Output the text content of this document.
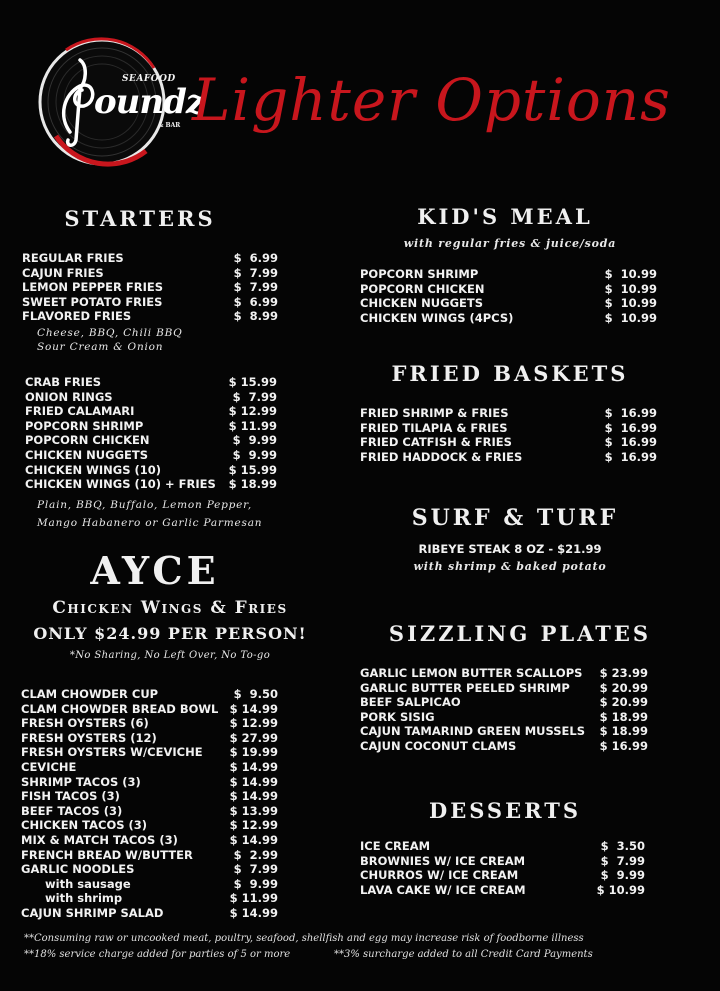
SEAFOOD
oundz
& BAR Lighter Options
STARTERS
REGULAR FRIES	$  6.99
CAJUN FRIES	$  7.99
LEMON PEPPER FRIES	$  7.99
SWEET POTATO FRIES	$  6.99
FLAVORED FRIES	$  8.99
Cheese, BBQ, Chili BBQ
Sour Cream & Onion
CRAB FRIES	$ 15.99
ONION RINGS	$  7.99
FRIED CALAMARI	$ 12.99
POPCORN SHRIMP	$ 11.99
POPCORN CHICKEN	$  9.99
CHICKEN NUGGETS	$  9.99
CHICKEN WINGS (10)	$ 15.99
CHICKEN WINGS (10) + FRIES $ 18.99
Plain, BBQ, Buffalo, Lemon Pepper,
Mango Habanero or Garlic Parmesan
AYCE
Chicken Wings & Fries
ONLY $24.99 PER PERSON!
*No Sharing, No Left Over, No To-go
CLAM CHOWDER CUP	$  9.50
CLAM CHOWDER BREAD BOWL $ 14.99
FRESH OYSTERS (6)	$ 12.99
FRESH OYSTERS (12)	$ 27.99
FRESH OYSTERS W/CEVICHE $ 19.99
CEVICHE	$ 14.99
SHRIMP TACOS (3)	$ 14.99
FISH TACOS (3)	$ 14.99
BEEF TACOS (3)	$ 13.99
CHICKEN TACOS (3)	$ 12.99
MIX & MATCH TACOS (3)	$ 14.99
FRENCH BREAD W/BUTTER	$  2.99
GARLIC NOODLES	$  7.99
with sausage	$  9.99
with shrimp	$ 11.99
CAJUN SHRIMP SALAD	$ 14.99
KID'S MEAL
with regular fries & juice/soda
POPCORN SHRIMP	$  10.99
POPCORN CHICKEN	$  10.99
CHICKEN NUGGETS	$  10.99
CHICKEN WINGS (4PCS)	$  10.99
FRIED BASKETS
FRIED SHRIMP & FRIES	$  16.99
FRIED TILAPIA & FRIES	$  16.99
FRIED CATFISH & FRIES	$  16.99
FRIED HADDOCK & FRIES	$  16.99
SURF & TURF
RIBEYE STEAK 8 OZ - $21.99
with shrimp & baked potato
SIZZLING PLATES
GARLIC LEMON BUTTER SCALLOPS $ 23.99
GARLIC BUTTER PEELED SHRIMP	$ 20.99
BEEF SALPICAO	$ 20.99
PORK SISIG	$ 18.99
CAJUN TAMARIND GREEN MUSSELS $ 18.99
CAJUN COCONUT CLAMS	$ 16.99
DESSERTS
ICE CREAM	$  3.50
BROWNIES W/ ICE CREAM	$  7.99
CHURROS W/ ICE CREAM	$  9.99
LAVA CAKE W/ ICE CREAM	$ 10.99
**Consuming raw or uncooked meat, poultry, seafood, shellfish and egg may increase risk of foodborne illness
**18% service charge added for parties of 5 or more	**3% surcharge added to all Credit Card Payments
